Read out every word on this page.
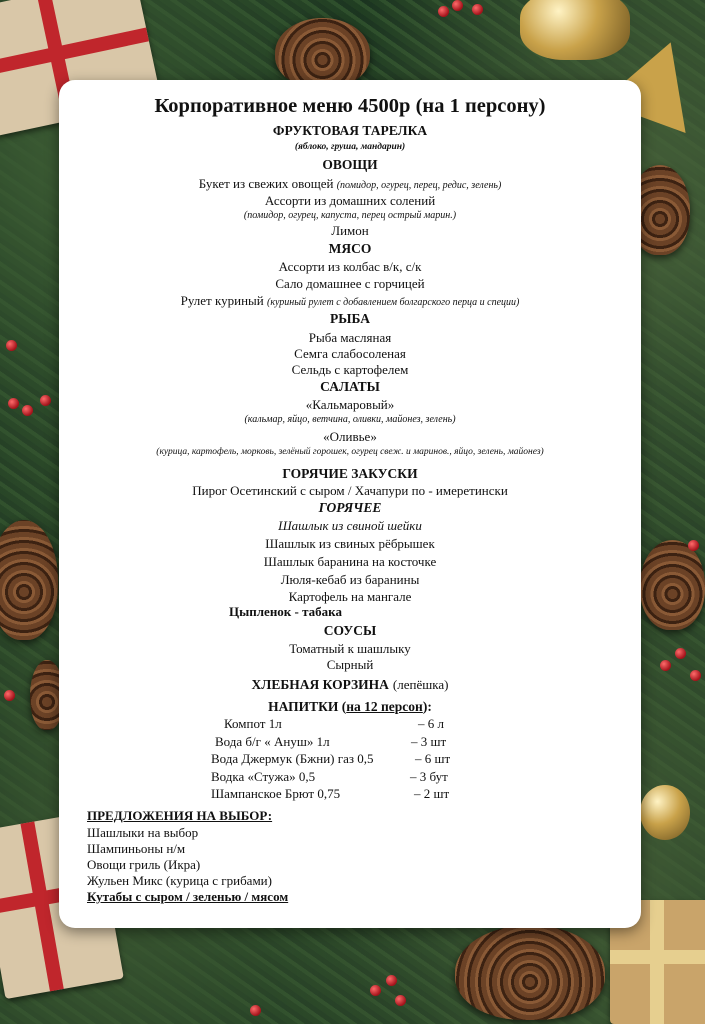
Корпоративное меню 4500р (на 1 персону)
ФРУКТОВАЯ ТАРЕЛКА
(яблоко, груша, мандарин)
ОВОЩИ
Букет из свежих овощей (помидор, огурец, перец, редис, зелень)
Ассорти из домашних солений
(помидор, огурец, капуста, перец острый марин.)
Лимон
МЯСО
Ассорти из колбас в/к, с/к
Сало домашнее с горчицей
Рулет куриный (куриный рулет с добавлением болгарского перца и специи)
РЫБА
Рыба масляная
Семга слабосоленая
Сельдь с картофелем
САЛАТЫ
«Кальмаровый»
(кальмар, яйцо, ветчина, оливки, майонез, зелень)
«Оливье»
(курица, картофель, морковь, зелёный горошек, огурец свеж. и маринов., яйцо, зелень, майонез)
ГОРЯЧИЕ ЗАКУСКИ
Пирог Осетинский с сыром / Хачапури по - имеретински
ГОРЯЧЕЕ
Шашлык из свиной шейки
Шашлык из свиных рёбрышек
Шашлык баранина на косточке
Люля-кебаб из баранины
Картофель на мангале
Цыпленок - табака
СОУСЫ
Томатный к шашлыку
Сырный
ХЛЕБНАЯ КОРЗИНА (лепёшка)
НАПИТКИ (на 12 персон):
Компот 1л	– 6 л
Вода б/г « Ануш» 1л	– 3 шт
Вода Джермук (Бжни) газ 0,5	– 6 шт
Водка «Стужа» 0,5	– 3 бут
Шампанское Брют 0,75	– 2 шт
ПРЕДЛОЖЕНИЯ НА ВЫБОР:
Шашлыки на выбор
Шампиньоны н/м
Овощи гриль (Икра)
Жульен Микс (курица с грибами)
Кутабы с сыром / зеленью / мясом
